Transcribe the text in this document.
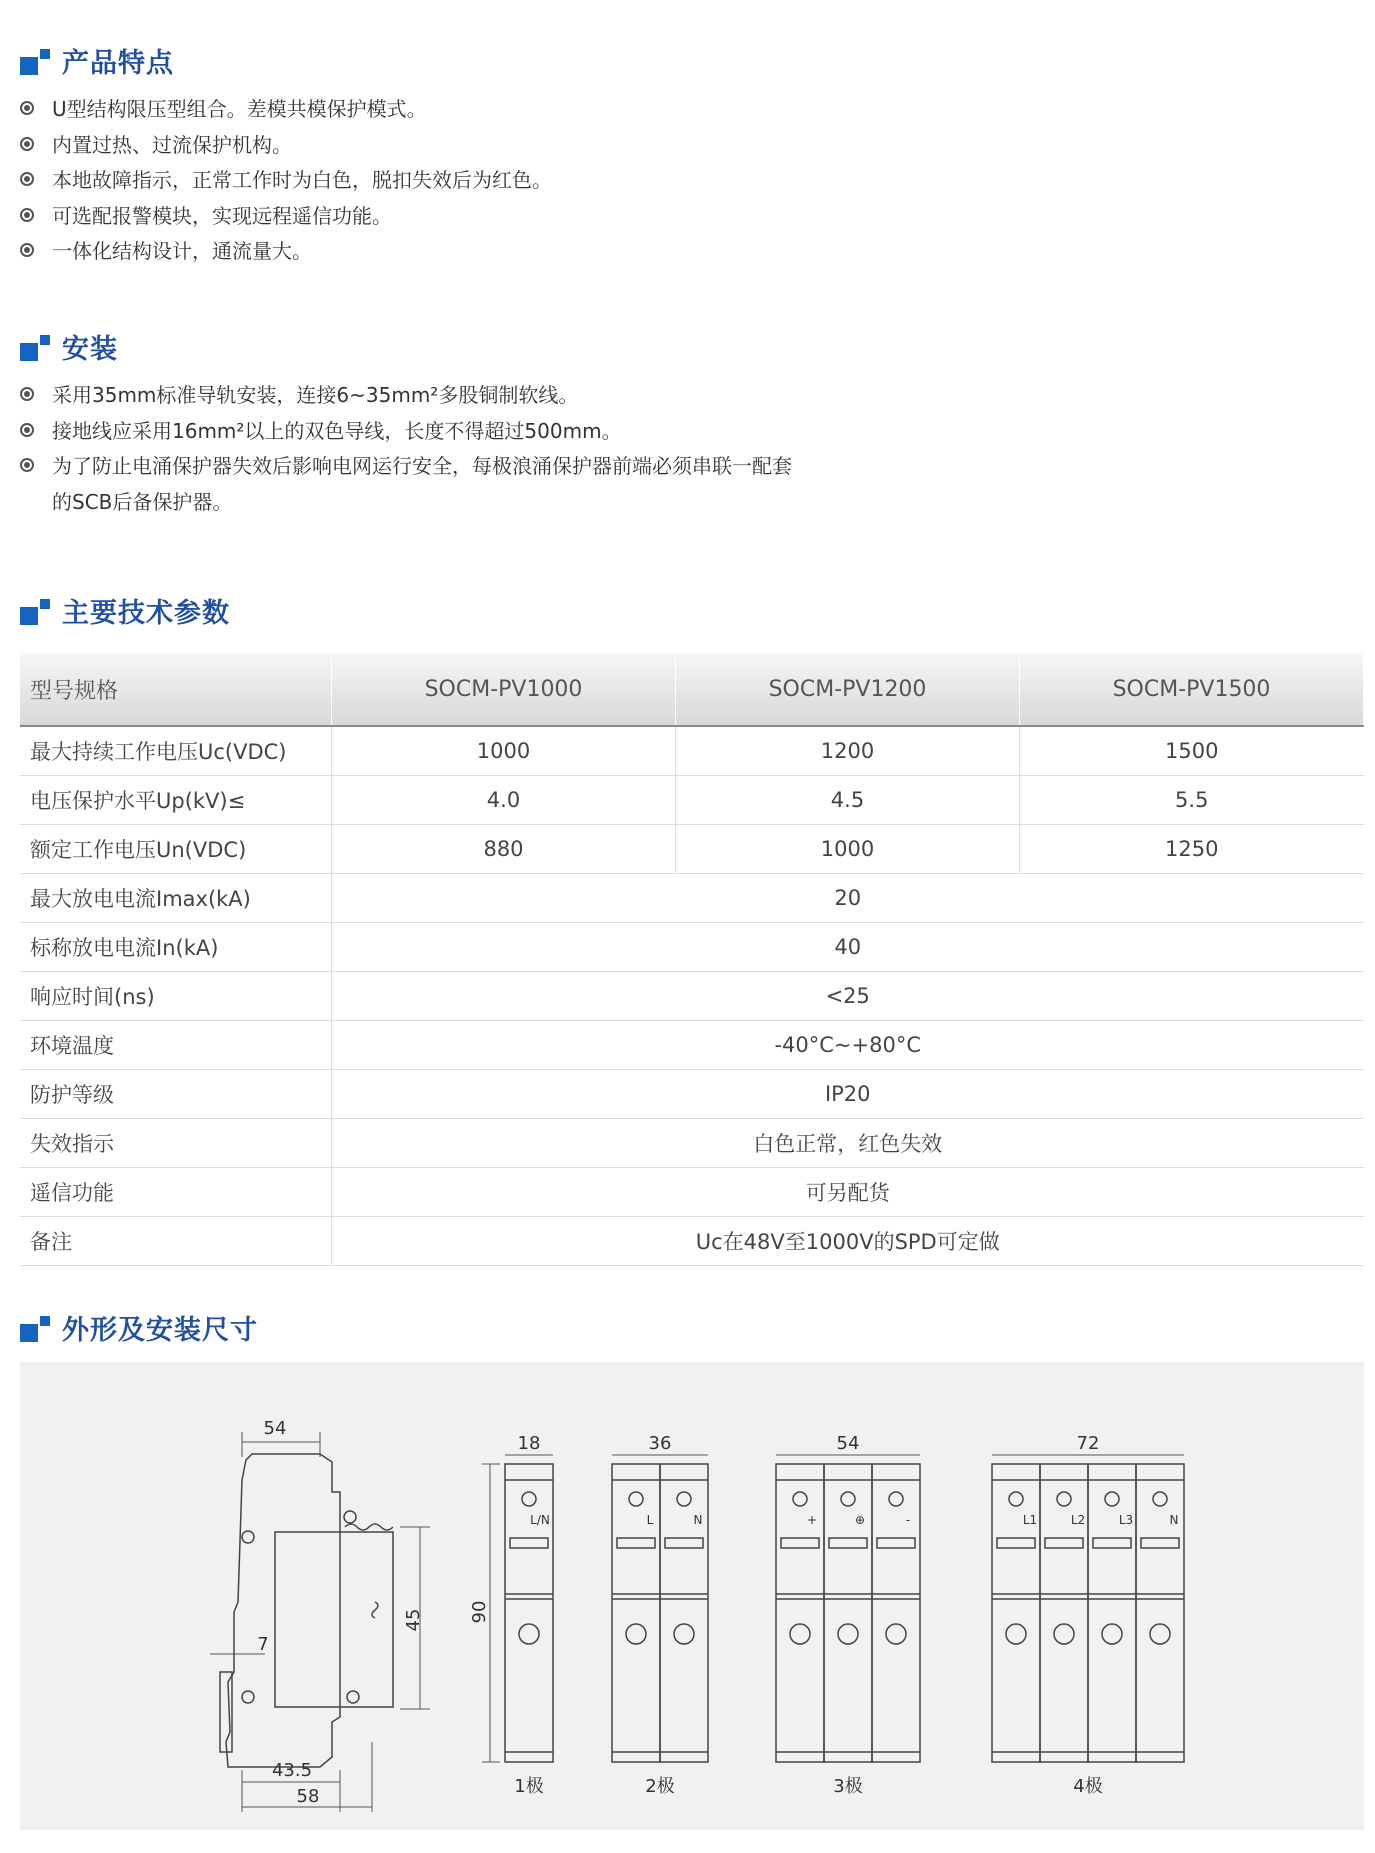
产品特点
U型结构限压型组合。差模共模保护模式。
内置过热、过流保护机构。
本地故障指示，正常工作时为白色，脱扣失效后为红色。
可选配报警模块，实现远程遥信功能。
一体化结构设计，通流量大。
安装
采用35mm标准导轨安装，连接6~35mm²多股铜制软线。
接地线应采用16mm²以上的双色导线，长度不得超过500mm。
为了防止电涌保护器失效后影响电网运行安全，每极浪涌保护器前端必须串联一配套
的SCB后备保护器。
主要技术参数
型号规格	SOCM-PV1000	SOCM-PV1200	SOCM-PV1500
最大持续工作电压Uc(VDC)	1000	1200	1500
电压保护水平Up(kV)≤	4.0	4.5	5.5
额定工作电压Un(VDC)	880	1000	1250
最大放电电流Imax(kA)	20		
标称放电电流In(kA)	40		
响应时间(ns)	<25		
环境温度	-40°C~+80°C		
防护等级	IP20		
失效指示	白色正常，红色失效		
遥信功能	可另配货		
备注	Uc在48V至1000V的SPD可定做		
外形及安装尺寸
54
7
45
43.5
58
90
18	36	54	72
L/N	L	N	+	⊕	-	L1	L2	L3	N
1极	2极	3极	4极
